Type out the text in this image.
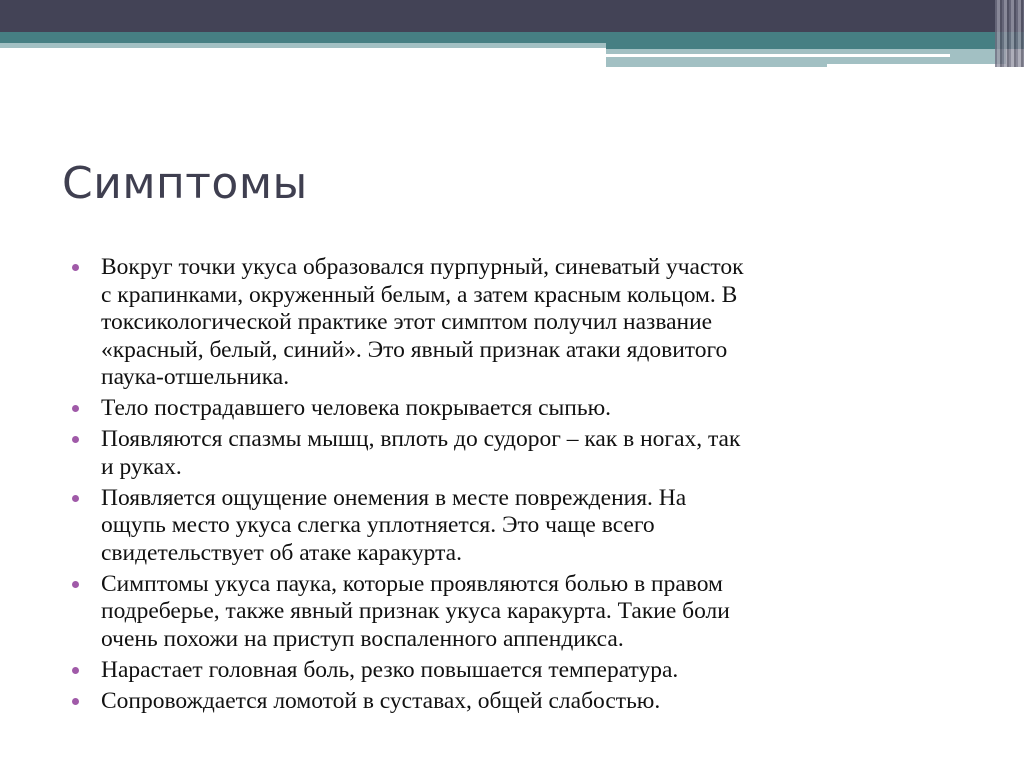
Симптомы
Вокруг точки укуса образовался пурпурный, синеватый участок
с крапинками, окруженный белым, а затем красным кольцом. В
токсикологической практике этот симптом получил название
«красный, белый, синий». Это явный признак атаки ядовитого
паука-отшельника.
Тело пострадавшего человека покрывается сыпью.
Появляются спазмы мышц, вплоть до судорог – как в ногах, так
и руках.
Появляется ощущение онемения в месте повреждения. На
ощупь место укуса слегка уплотняется. Это чаще всего
свидетельствует об атаке каракурта.
Симптомы укуса паука, которые проявляются болью в правом
подреберье, также явный признак укуса каракурта. Такие боли
очень похожи на приступ воспаленного аппендикса.
Нарастает головная боль, резко повышается температура.
Сопровождается ломотой в суставах, общей слабостью.
